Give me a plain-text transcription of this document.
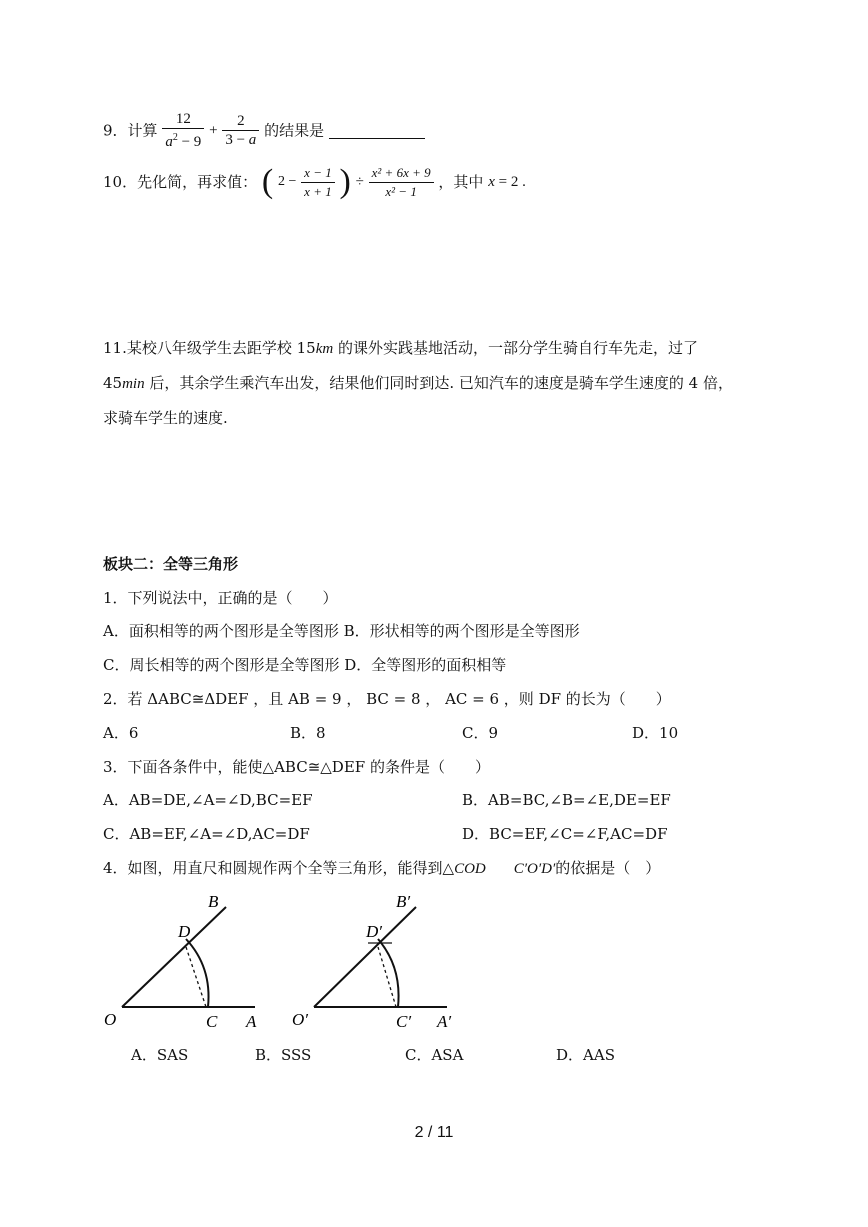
9．计算 $\frac{12}{a^2 - 9} + \frac{2}{3 - a}$ 的结果是
10．先化简，再求值： ( $2 - \frac{x - 1}{x + 1}$ ) ÷ $\frac{\text{x² + 6x + 9}}{\text{x² − 1}}$ ，其中 x = 2 .
11.某校八年级学生去距学校 15km 的课外实践基地活动，一部分学生骑自行车先走，过了
45min 后，其余学生乘汽车出发，结果他们同时到达. 已知汽车的速度是骑车学生速度的 4 倍，
求骑车学生的速度.
板块二：全等三角形
1．下列说法中，正确的是（　　）
A．面积相等的两个图形是全等图形 B．形状相等的两个图形是全等图形
C．周长相等的两个图形是全等图形 D．全等图形的面积相等
2．若 ΔABC≅ΔDEF ，且 AB = 9 ， BC = 8 ， AC = 6 ，则 DF 的长为（　　）
A．6	B．8	C．9	D．10
3．下面各条件中，能使△ABC≅△DEF 的条件是（　　）
A．AB=DE,∠A=∠D,BC=EF	B．AB=BC,∠B=∠E,DE=EF
C．AB=EF,∠A=∠D,AC=DF	D．BC=EF,∠C=∠F,AC=DF
4．如图，用直尺和圆规作两个全等三角形，能得到△COD C′O′D′的依据是（　）
B
D
O	C A
B′
D′
O′	C′ A′
A．SAS	B．SSS	C．ASA	D．AAS
2 / 11
